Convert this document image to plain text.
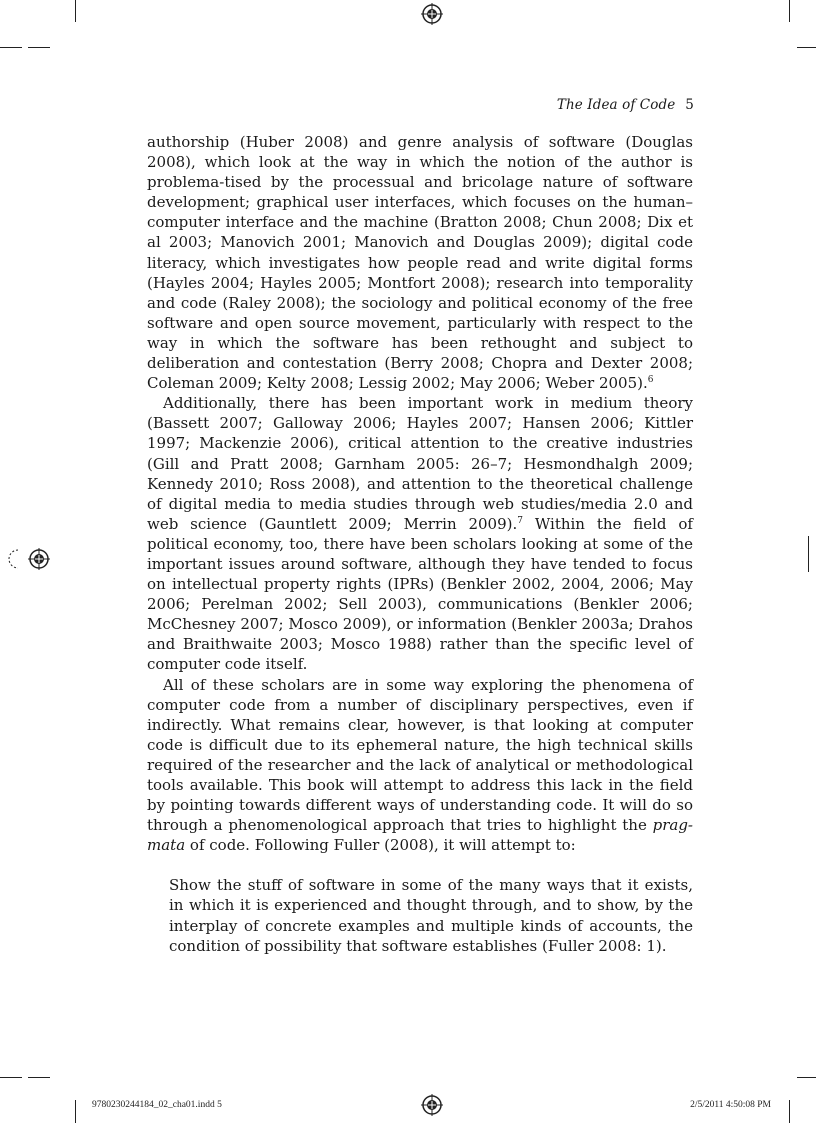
The Idea of Code 5

authorship (Huber 2008) and genre analysis of software (Douglas 2008), which look at the way in which the notion of the author is problema-tised by the processual and bricolage nature of software development; graphical user interfaces, which focuses on the human–computer interface and the machine (Bratton 2008; Chun 2008; Dix et al 2003; Manovich 2001; Manovich and Douglas 2009); digital code literacy, which investigates how people read and write digital forms (Hayles 2004; Hayles 2005; Montfort 2008); research into temporality and code (Raley 2008); the sociology and political economy of the free software and open source movement, particularly with respect to the way in which the software has been rethought and subject to deliberation and contestation (Berry 2008; Chopra and Dexter 2008; Coleman 2009; Kelty 2008; Lessig 2002; May 2006; Weber 2005).$^6$

Additionally, there has been important work in medium theory (Bassett 2007; Galloway 2006; Hayles 2007; Hansen 2006; Kittler 1997; Mackenzie 2006), critical attention to the creative industries (Gill and Pratt 2008; Garnham 2005: 26–7; Hesmondhalgh 2009; Kennedy 2010; Ross 2008), and attention to the theoretical challenge of digital media to media studies through web studies/media 2.0 and web science (Gauntlett 2009; Merrin 2009).$^7$ Within the field of political economy, too, there have been scholars looking at some of the important issues around software, although they have tended to focus on intellectual property rights (IPRs) (Benkler 2002, 2004, 2006; May 2006; Perelman 2002; Sell 2003), communications (Benkler 2006; McChesney 2007; Mosco 2009), or information (Benkler 2003a; Drahos and Braithwaite 2003; Mosco 1988) rather than the specific level of computer code itself.

All of these scholars are in some way exploring the phenomena of computer code from a number of disciplinary perspectives, even if indirectly. What remains clear, however, is that looking at computer code is difficult due to its ephemeral nature, the high technical skills required of the researcher and the lack of analytical or methodological tools available. This book will attempt to address this lack in the field by pointing towards different ways of understanding code. It will do so through a phenomenological approach that tries to highlight the prag-mata of code. Following Fuller (2008), it will attempt to:

Show the stuff of software in some of the many ways that it exists, in which it is experienced and thought through, and to show, by the interplay of concrete examples and multiple kinds of accounts, the condition of possibility that software establishes (Fuller 2008: 1).
9780230244184_02_cha01.indd 5	2/5/2011 4:50:08 PM
